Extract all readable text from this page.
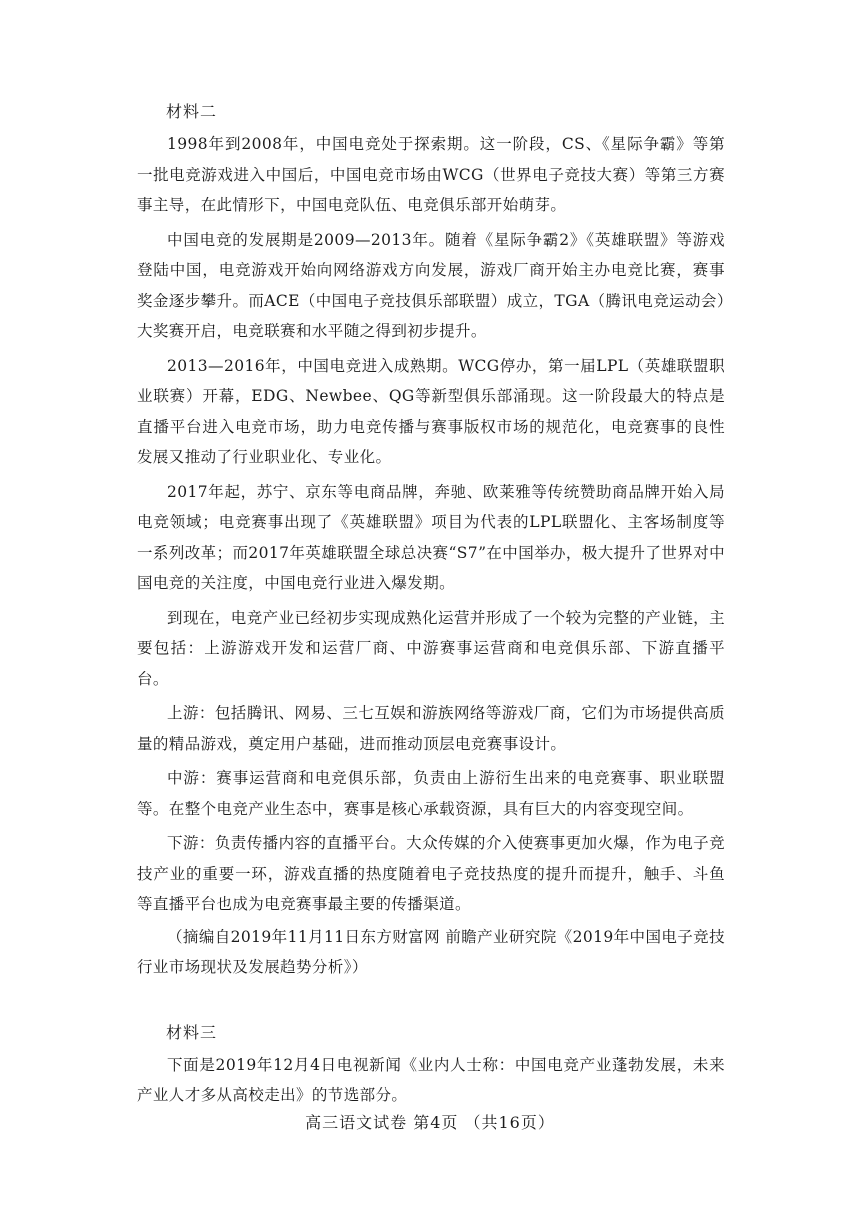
材料二

1998年到2008年，中国电竞处于探索期。这一阶段，CS、《星际争霸》等第一批电竞游戏进入中国后，中国电竞市场由WCG（世界电子竞技大赛）等第三方赛事主导，在此情形下，中国电竞队伍、电竞俱乐部开始萌芽。

中国电竞的发展期是2009—2013年。随着《星际争霸2》《英雄联盟》等游戏登陆中国，电竞游戏开始向网络游戏方向发展，游戏厂商开始主办电竞比赛，赛事奖金逐步攀升。而ACE（中国电子竞技俱乐部联盟）成立，TGA（腾讯电竞运动会）大奖赛开启，电竞联赛和水平随之得到初步提升。

2013—2016年，中国电竞进入成熟期。WCG停办，第一届LPL（英雄联盟职业联赛）开幕，EDG、Newbee、QG等新型俱乐部涌现。这一阶段最大的特点是直播平台进入电竞市场，助力电竞传播与赛事版权市场的规范化，电竞赛事的良性发展又推动了行业职业化、专业化。

2017年起，苏宁、京东等电商品牌，奔驰、欧莱雅等传统赞助商品牌开始入局电竞领域；电竞赛事出现了《英雄联盟》项目为代表的LPL联盟化、主客场制度等一系列改革；而2017年英雄联盟全球总决赛“S7”在中国举办，极大提升了世界对中国电竞的关注度，中国电竞行业进入爆发期。

到现在，电竞产业已经初步实现成熟化运营并形成了一个较为完整的产业链，主要包括：上游游戏开发和运营厂商、中游赛事运营商和电竞俱乐部、下游直播平台。

上游：包括腾讯、网易、三七互娱和游族网络等游戏厂商，它们为市场提供高质量的精品游戏，奠定用户基础，进而推动顶层电竞赛事设计。

中游：赛事运营商和电竞俱乐部，负责由上游衍生出来的电竞赛事、职业联盟等。在整个电竞产业生态中，赛事是核心承载资源，具有巨大的内容变现空间。

下游：负责传播内容的直播平台。大众传媒的介入使赛事更加火爆，作为电子竞技产业的重要一环，游戏直播的热度随着电子竞技热度的提升而提升，触手、斗鱼等直播平台也成为电竞赛事最主要的传播渠道。

（摘编自2019年11月11日东方财富网 前瞻产业研究院《2019年中国电子竞技行业市场现状及发展趋势分析》）

材料三

下面是2019年12月4日电视新闻《业内人士称：中国电竞产业蓬勃发展，未来产业人才多从高校走出》的节选部分。

高三语文试卷 第4页 （共16页）
